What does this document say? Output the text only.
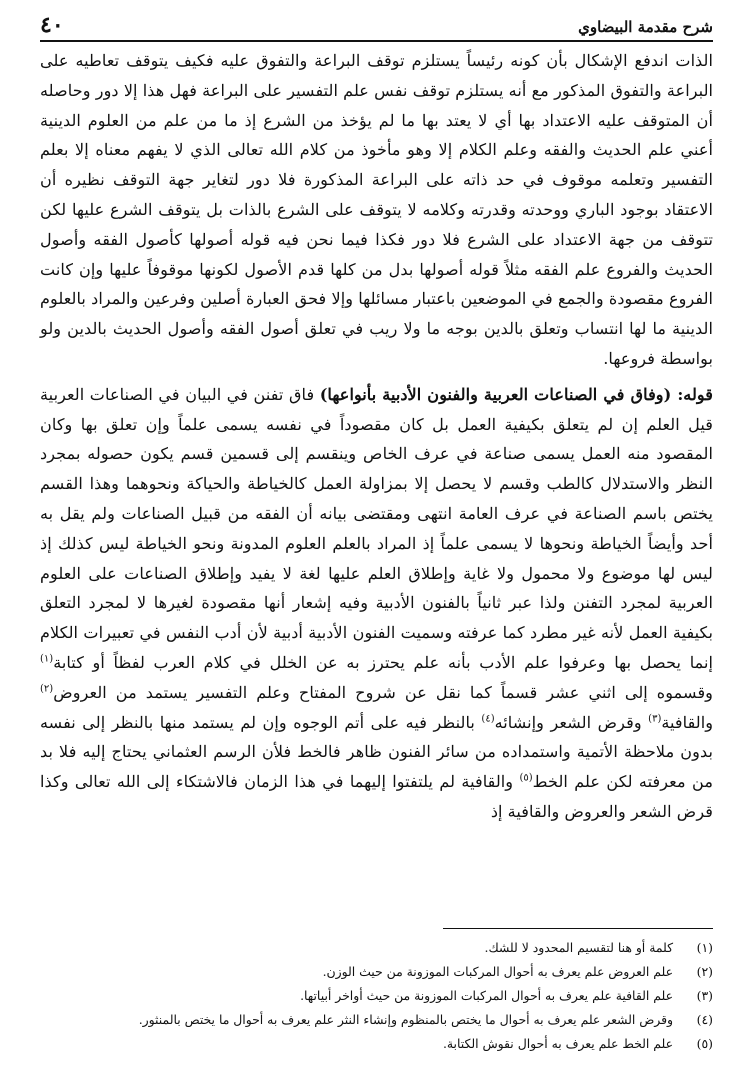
شرح مقدمة البيضاوي
٤٠

الذات اندفع الإشكال بأن كونه رئيساً يستلزم توقف البراعة والتفوق عليه فكيف يتوقف تعاطيه على البراعة والتفوق المذكور مع أنه يستلزم توقف نفس علم التفسير على البراعة فهل هذا إلا دور وحاصله أن المتوقف عليه الاعتداد بها أي لا يعتد بها ما لم يؤخذ من الشرع إذ ما من علم من العلوم الدينية أعني علم الحديث والفقه وعلم الكلام إلا وهو مأخوذ من كلام الله تعالى الذي لا يفهم معناه إلا بعلم التفسير وتعلمه موقوف في حد ذاته على البراعة المذكورة فلا دور لتغاير جهة التوقف نظيره أن الاعتقاد بوجود الباري ووحدته وقدرته وكلامه لا يتوقف على الشرع بالذات بل يتوقف الشرع عليها لكن تتوقف من جهة الاعتداد على الشرع فلا دور فكذا فيما نحن فيه قوله أصولها كأصول الفقه وأصول الحديث والفروع علم الفقه مثلاً قوله أصولها بدل من كلها قدم الأصول لكونها موقوفاً عليها وإن كانت الفروع مقصودة والجمع في الموضعين باعتبار مسائلها وإلا فحق العبارة أصلين وفرعين والمراد بالعلوم الدينية ما لها انتساب وتعلق بالدين بوجه ما ولا ريب في تعلق أصول الفقه وأصول الحديث بالدين ولو بواسطة فروعها.

قوله: (وفاق في الصناعات العربية والفنون الأدبية بأنواعها) فاق تفنن في البيان في الصناعات العربية قيل العلم إن لم يتعلق بكيفية العمل بل كان مقصوداً في نفسه يسمى علماً وإن تعلق بها وكان المقصود منه العمل يسمى صناعة في عرف الخاص وينقسم إلى قسمين قسم يكون حصوله بمجرد النظر والاستدلال كالطب وقسم لا يحصل إلا بمزاولة العمل كالخياطة والحياكة ونحوهما وهذا القسم يختص باسم الصناعة في عرف العامة انتهى ومقتضى بيانه أن الفقه من قبيل الصناعات ولم يقل به أحد وأيضاً الخياطة ونحوها لا يسمى علماً إذ المراد بالعلم العلوم المدونة ونحو الخياطة ليس كذلك إذ ليس لها موضوع ولا محمول ولا غاية وإطلاق العلم عليها لغة لا يفيد وإطلاق الصناعات على العلوم العربية لمجرد التفنن ولذا عبر ثانياً بالفنون الأدبية وفيه إشعار أنها مقصودة لغيرها لا لمجرد التعلق بكيفية العمل لأنه غير مطرد كما عرفته وسميت الفنون الأدبية أدبية لأن أدب النفس في تعبيرات الكلام إنما يحصل بها وعرفوا علم الأدب بأنه علم يحترز به عن الخلل في كلام العرب لفظاً أو كتابة$^{(١)}$ وقسموه إلى اثني عشر قسماً كما نقل عن شروح المفتاح وعلم التفسير يستمد من العروض$^{(٢)}$ والقافية$^{(٣)}$ وقرض الشعر وإنشائه$^{(٤)}$ بالنظر فيه على أتم الوجوه وإن لم يستمد منها بالنظر إلى نفسه بدون ملاحظة الأتمية واستمداده من سائر الفنون ظاهر فالخط فلأن الرسم العثماني يحتاج إليه فلا بد من معرفته لكن علم الخط$^{(٥)}$ والقافية لم يلتفتوا إليهما في هذا الزمان فالاشتكاء إلى الله تعالى وكذا قرض الشعر والعروض والقافية إذ

(١)
كلمة أو هنا لتقسيم المحدود لا للشك.
(٢)
علم العروض علم يعرف به أحوال المركبات الموزونة من حيث الوزن.
(٣)
علم القافية علم يعرف به أحوال المركبات الموزونة من حيث أواخر أبياتها.
(٤)
وقرض الشعر علم يعرف به أحوال ما يختص بالمنظوم وإنشاء النثر علم يعرف به أحوال ما يختص بالمنثور.
(٥)
علم الخط علم يعرف به أحوال نقوش الكتابة.
